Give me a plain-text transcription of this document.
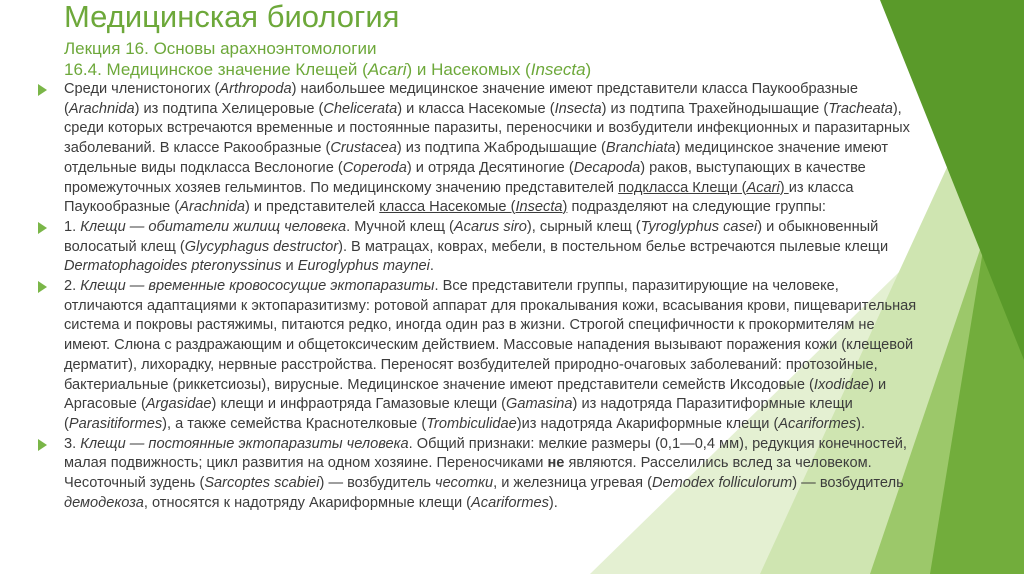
Медицинская биология
Лекция 16. Основы арахноэнтомологии
16.4. Медицинское значение Клещей (Acari) и Насекомых (Insecta)

Среди членистоногих (Arthropoda) наибольшее медицинское значение имеют представители класса Паукообразные (Arachnida) из подтипа Хелицеровые (Chelicerata) и класса Насекомые (Insecta) из подтипа Трахейнодышащие (Tracheata), среди которых встречаются временные и постоянные паразиты, переносчики и возбудители инфекционных и паразитарных заболеваний. В классе Ракообразные (Crustacea) из подтипа Жабродышащие (Branchiata) медицинское значение имеют отдельные виды подкласса Веслоногие (Coperoda) и отряда Десятиногие (Decapoda) раков, выступающих в качестве промежуточных хозяев гельминтов. По медицинскому значению представителей подкласса Клещи (Acari) из класса Паукообразные (Arachnida) и представителей класса Насекомые (Insecta) подразделяют на следующие группы:

1. Клещи — обитатели жилищ человека. Мучной клещ (Acarus siro), сырный клещ (Tyroglyphus casei) и обыкновенный волосатый клещ (Glycyphagus destructor). В матрацах, коврах, мебели, в постельном белье встречаются пылевые клещи Dermatophagoides pteronyssinus и Euroglyphus maynei.

2. Клещи — временные кровососущие эктопаразиты. Все представители группы, паразитирующие на человеке, отличаются адаптациями к эктопаразитизму: ротовой аппарат для прокалывания кожи, всасывания крови, пищеварительная система и покровы растяжимы, питаются редко, иногда один раз в жизни. Строгой специфичности к прокормителям не имеют. Слюна с раздражающим и общетоксическим действием. Массовые нападения вызывают поражения кожи (клещевой дерматит), лихорадку, нервные расстройства. Переносят возбудителей природно-очаговых заболеваний: протозойные, бактериальные (риккетсиозы), вирусные. Медицинское значение имеют представители семейств Иксодовые (Ixodidae) и Аргасовые (Argasidae) клещи и инфраотряда Гамазовые клещи (Gamasina) из надотряда Паразитиформные клещи (Parasitiformes), а также семейства Краснотелковые (Trombiculidae)из надотряда Акариформные клещи (Acariformes).

3. Клещи — постоянные эктопаразиты человека. Общий признаки: мелкие размеры (0,1—0,4 мм), редукция конечностей, малая подвижность; цикл развития на одном хозяине. Переносчиками не являются. Расселились вслед за человеком. Чесоточный зудень (Sarcoptes scabiei) — возбудитель чесотки, и железница угревая (Demodex folliculorum) — возбудитель демодекоза, относятся к надотряду Акариформные клещи (Acariformes).
